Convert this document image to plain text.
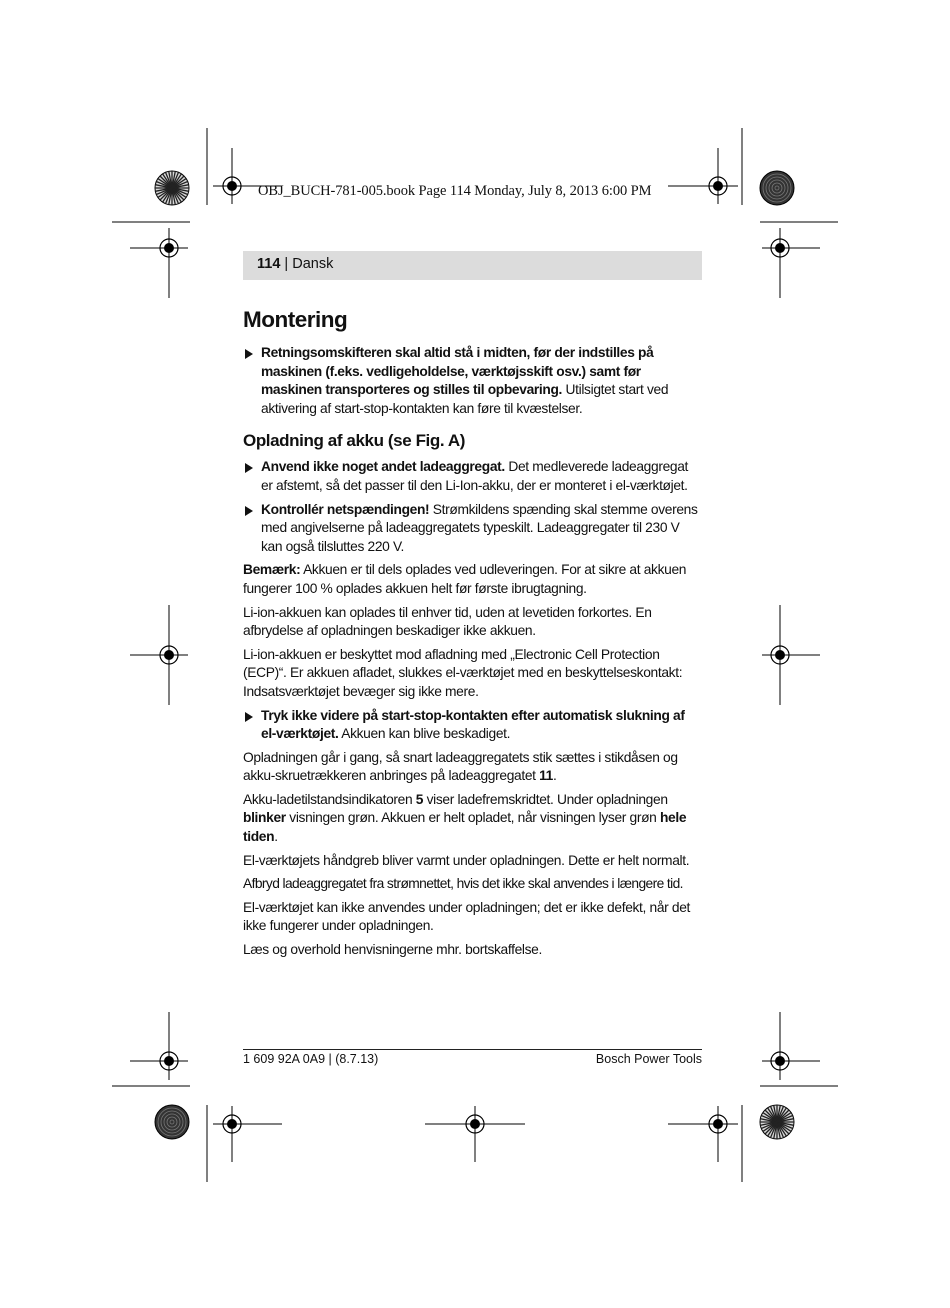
OBJ_BUCH-781-005.book Page 114 Monday, July 8, 2013 6:00 PM
114 | Dansk
Montering
Retningsomskifteren skal altid stå i midten, før der indstilles på maskinen (f.eks. vedligeholdelse, værktøjsskift osv.) samt før maskinen transporteres og stilles til opbevaring. Utilsigtet start ved aktivering af start-stop-kontakten kan føre til kvæstelser.
Opladning af akku (se Fig. A)
Anvend ikke noget andet ladeaggregat. Det medleverede ladeaggregat er afstemt, så det passer til den Li-Ion-akku, der er monteret i el-værktøjet.
Kontrollér netspændingen! Strømkildens spænding skal stemme overens med angivelserne på ladeaggregatets typeskilt. Ladeaggregater til 230 V kan også tilsluttes 220 V.

Bemærk: Akkuen er til dels oplades ved udleveringen. For at sikre at akkuen fungerer 100 % oplades akkuen helt før første ibrugtagning.

Li-ion-akkuen kan oplades til enhver tid, uden at levetiden forkortes. En afbrydelse af opladningen beskadiger ikke akkuen.

Li-ion-akkuen er beskyttet mod afladning med „Electronic Cell Protection (ECP)“. Er akkuen afladet, slukkes el-værktøjet med en beskyttelseskontakt: Indsatsværktøjet bevæger sig ikke mere.

Tryk ikke videre på start-stop-kontakten efter automatisk slukning af el-værktøjet. Akkuen kan blive beskadiget.

Opladningen går i gang, så snart ladeaggregatets stik sættes i stikdåsen og akku-skruetrækkeren anbringes på ladeaggregatet 11.

Akku-ladetilstandsindikatoren 5 viser ladefremskridtet. Under opladningen blinker visningen grøn. Akkuen er helt opladet, når visningen lyser grøn hele tiden.

El-værktøjets håndgreb bliver varmt under opladningen. Dette er helt normalt.

Afbryd ladeaggregatet fra strømnettet, hvis det ikke skal anvendes i længere tid.

El-værktøjet kan ikke anvendes under opladningen; det er ikke defekt, når det ikke fungerer under opladningen.

Læs og overhold henvisningerne mhr. bortskaffelse.

1 609 92A 0A9 | (8.7.13)	Bosch Power Tools
